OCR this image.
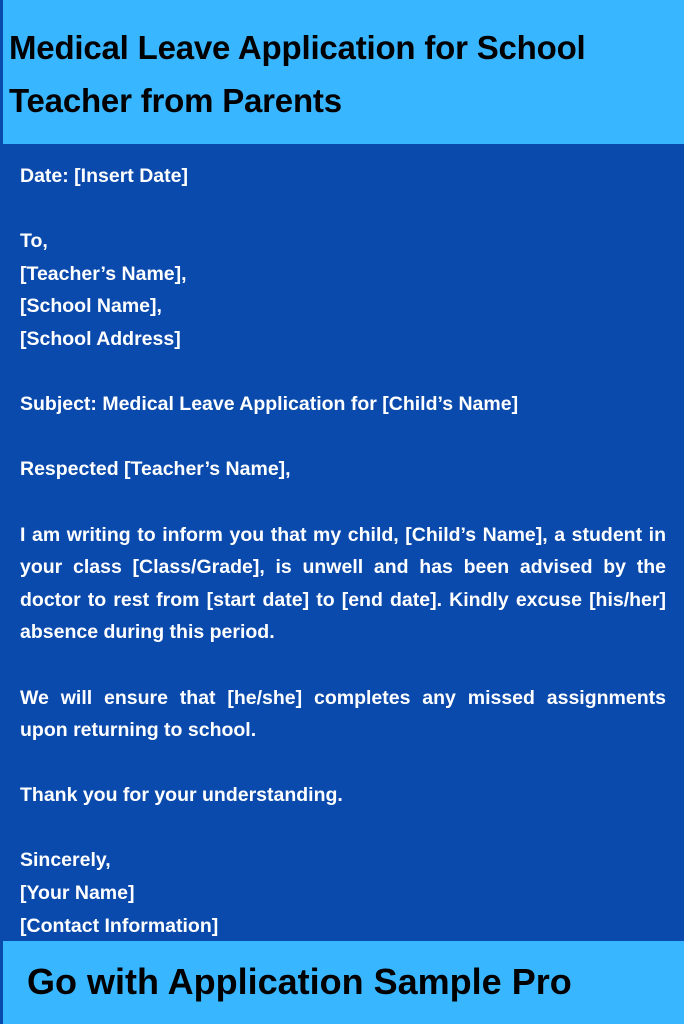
Medical Leave Application for School
Teacher from Parents

Date: [Insert Date]

To,

[Teacher’s Name],

[School Name],

[School Address]

Subject: Medical Leave Application for [Child’s Name]

Respected [Teacher’s Name],

I am writing to inform you that my child, [Child’s Name], a student in your class [Class/Grade], is unwell and has been advised by the doctor to rest from [start date] to [end date]. Kindly excuse [his/her] absence during this period.

We will ensure that [he/she] completes any missed assignments upon returning to school.

Thank you for your understanding.

Sincerely,

[Your Name]

[Contact Information]

Go with Application Sample Pro
